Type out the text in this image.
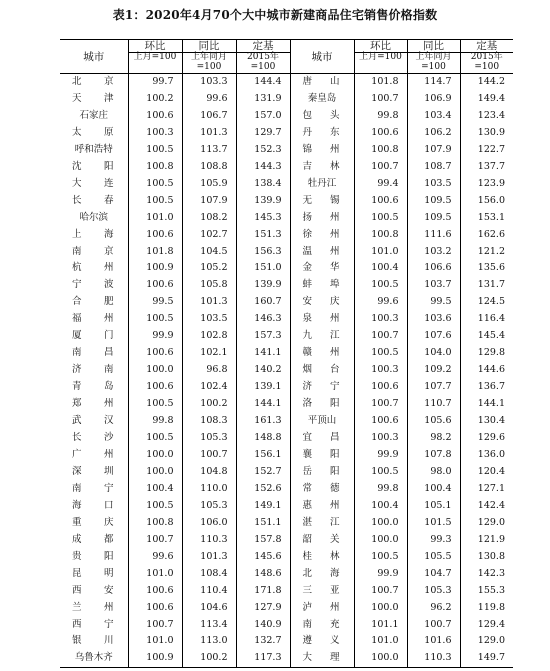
表1：2020年4月70个大中城市新建商品住宅销售价格指数
城市	环比	同比	定基	城市	环比	同比	定基
	上月=100	上年同月=100	2015年=100		上月=100	上年同月=100	2015年=100
北 京	99.7	103.3	144.4	唐 山	101.8	114.7	144.2
天 津	100.2	99.6	131.9	秦皇岛	100.7	106.9	149.4
石家庄	100.6	106.7	157.0	包 头	99.8	103.4	123.4
太 原	100.3	101.3	129.7	丹 东	100.6	106.2	130.9
呼和浩特	100.5	113.7	152.3	锦 州	100.8	107.9	122.7
沈 阳	100.8	108.8	144.3	吉 林	100.7	108.7	137.7
大 连	100.5	105.9	138.4	牡丹江	99.4	103.5	123.9
长 春	100.5	107.9	139.9	无 锡	100.6	109.5	156.0
哈尔滨	101.0	108.2	145.3	扬 州	100.5	109.5	153.1
上 海	100.6	102.7	151.3	徐 州	100.8	111.6	162.6
南 京	101.8	104.5	156.3	温 州	101.0	103.2	121.2
杭 州	100.9	105.2	151.0	金 华	100.4	106.6	135.6
宁 波	100.6	105.8	139.9	蚌 埠	100.5	103.7	131.7
合 肥	99.5	101.3	160.7	安 庆	99.6	99.5	124.5
福 州	100.5	103.5	146.3	泉 州	100.3	103.6	116.4
厦 门	99.9	102.8	157.3	九 江	100.7	107.6	145.4
南 昌	100.6	102.1	141.1	赣 州	100.5	104.0	129.8
济 南	100.0	96.8	140.2	烟 台	100.3	109.2	144.6
青 岛	100.6	102.4	139.1	济 宁	100.6	107.7	136.7
郑 州	100.5	100.2	144.1	洛 阳	100.7	110.7	144.1
武 汉	99.8	108.3	161.3	平顶山	100.6	105.6	130.4
长 沙	100.5	105.3	148.8	宜 昌	100.3	98.2	129.6
广 州	100.0	100.7	156.1	襄 阳	99.9	107.8	136.0
深 圳	100.0	104.8	152.7	岳 阳	100.5	98.0	120.4
南 宁	100.4	110.0	152.6	常 德	99.8	100.4	127.1
海 口	100.5	105.3	149.1	惠 州	100.4	105.1	142.4
重 庆	100.8	106.0	151.1	湛 江	100.0	101.5	129.0
成 都	100.7	110.3	157.8	韶 关	100.0	99.3	121.9
贵 阳	99.6	101.3	145.6	桂 林	100.5	105.5	130.8
昆 明	101.0	108.4	148.6	北 海	99.9	104.7	142.3
西 安	100.6	110.4	171.8	三 亚	100.7	105.3	155.3
兰 州	100.6	104.6	127.9	泸 州	100.0	96.2	119.8
西 宁	100.7	113.4	140.9	南 充	101.1	100.7	129.4
银 川	101.0	113.0	132.7	遵 义	101.0	101.6	129.0
乌鲁木齐	100.9	100.2	117.3	大 理	100.0	110.3	149.7
